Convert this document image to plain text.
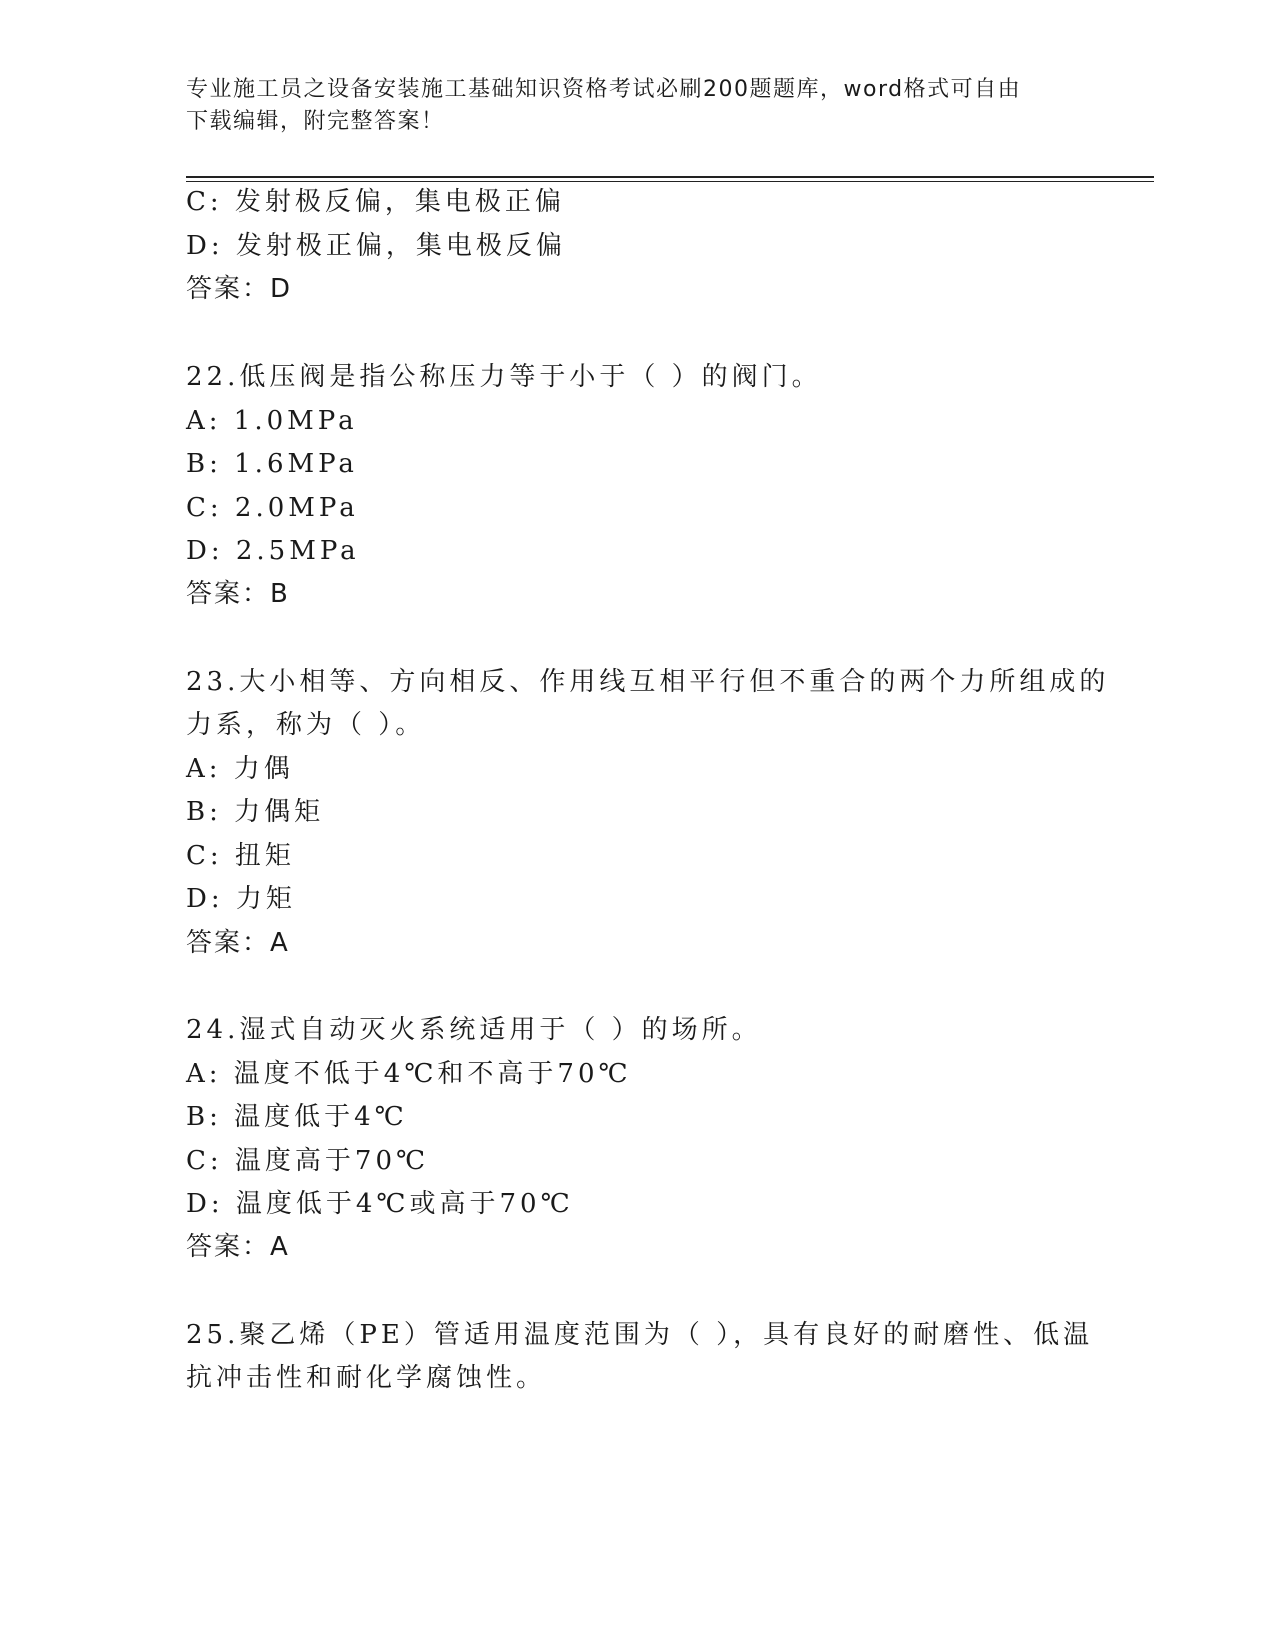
专业施工员之设备安装施工基础知识资格考试必刷200题题库，word格式可自由
下载编辑，附完整答案！
C: 发射极反偏，集电极正偏
D: 发射极正偏，集电极反偏
答案：D
22.低压阀是指公称压力等于小于（ ）的阀门。
A: 1.0MPa
B: 1.6MPa
C: 2.0MPa
D: 2.5MPa
答案：B
23.大小相等、方向相反、作用线互相平行但不重合的两个力所组成的
力系，称为（ ）。
A: 力偶
B: 力偶矩
C: 扭矩
D: 力矩
答案：A
24.湿式自动灭火系统适用于（ ）的场所。
A: 温度不低于4℃和不高于70℃
B: 温度低于4℃
C: 温度高于70℃
D: 温度低于4℃或高于70℃
答案：A
25.聚乙烯（PE）管适用温度范围为（ ），具有良好的耐磨性、低温
抗冲击性和耐化学腐蚀性。
